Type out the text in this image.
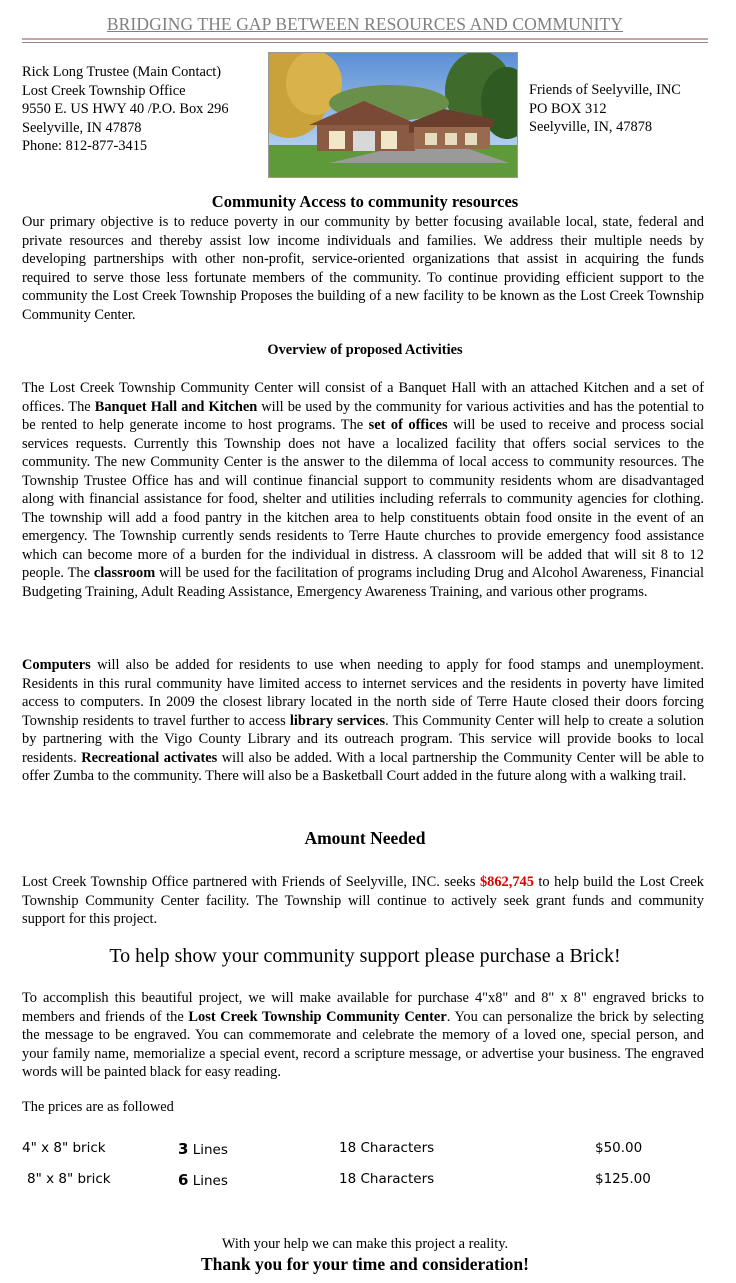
BRIDGING THE GAP BETWEEN RESOURCES AND COMMUNITY
Rick Long Trustee (Main Contact)
Lost Creek Township Office
9550 E. US HWY 40 /P.O. Box 296
Seelyville, IN 47878
Phone: 812-877-3415
Friends of Seelyville, INC
PO BOX 312
Seelyville, IN, 47878
Community Access to community resources
Our primary objective is to reduce poverty in our community by better focusing available local, state, federal and private resources and thereby assist low income individuals and families. We address their multiple needs by developing partnerships with other non-profit, service-oriented organizations that assist in acquiring the funds required to serve those less fortunate members of the community. To continue providing efficient support to the community the Lost Creek Township Proposes the building of a new facility to be known as the Lost Creek Township Community Center.
Overview of proposed Activities
The Lost Creek Township Community Center will consist of a Banquet Hall with an attached Kitchen and a set of offices. The Banquet Hall and Kitchen will be used by the community for various activities and has the potential to be rented to help generate income to host programs. The set of offices will be used to receive and process social services requests. Currently this Township does not have a localized facility that offers social services to the community. The new Community Center is the answer to the dilemma of local access to community resources. The Township Trustee Office has and will continue financial support to community residents whom are disadvantaged along with financial assistance for food, shelter and utilities including referrals to community agencies for clothing. The township will add a food pantry in the kitchen area to help constituents obtain food onsite in the event of an emergency. The Township currently sends residents to Terre Haute churches to provide emergency food assistance which can become more of a burden for the individual in distress. A classroom will be added that will sit 8 to 12 people. The classroom will be used for the facilitation of programs including Drug and Alcohol Awareness, Financial Budgeting Training, Adult Reading Assistance, Emergency Awareness Training, and various other programs.
Computers will also be added for residents to use when needing to apply for food stamps and unemployment. Residents in this rural community have limited access to internet services and the residents in poverty have limited access to computers. In 2009 the closest library located in the north side of Terre Haute closed their doors forcing Township residents to travel further to access library services. This Community Center will help to create a solution by partnering with the Vigo County Library and its outreach program. This service will provide books to local residents. Recreational activates will also be added. With a local partnership the Community Center will be able to offer Zumba to the community. There will also be a Basketball Court added in the future along with a walking trail.
Amount Needed
Lost Creek Township Office partnered with Friends of Seelyville, INC. seeks $862,745 to help build the Lost Creek Township Community Center facility. The Township will continue to actively seek grant funds and community support for this project.
To help show your community support please purchase a Brick!
To accomplish this beautiful project, we will make available for purchase 4"x8" and 8" x 8" engraved bricks to members and friends of the Lost Creek Township Community Center. You can personalize the brick by selecting the message to be engraved. You can commemorate and celebrate the memory of a loved one, special person, and your family name, memorialize a special event, record a scripture message, or advertise your business. The engraved words will be painted black for easy reading.
The prices are as followed
4" x 8" brick	3 Lines	18 Characters	$50.00
8" x 8" brick	6 Lines	18 Characters	$125.00
With your help we can make this project a reality.
Thank you for your time and consideration!
